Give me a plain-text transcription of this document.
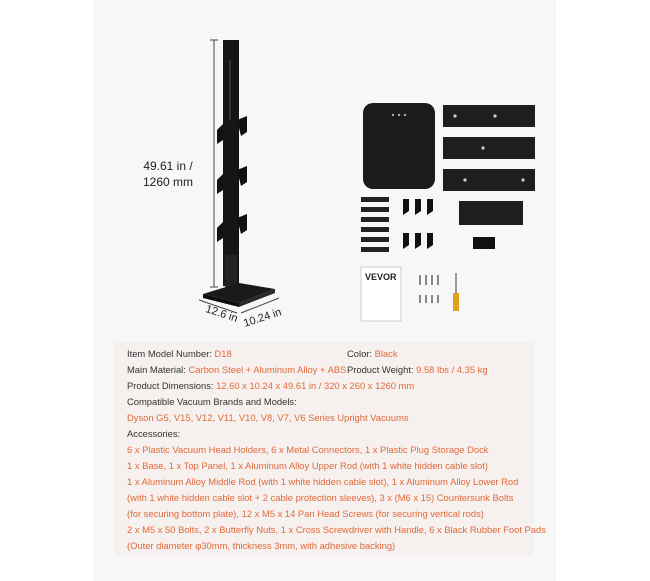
49.61 in /
1260 mm
12.6 in 10.24 in
VEVOR
Item Model Number: D18	Color: Black
Main Material: Carbon Steel + Aluminum Alloy + ABS Product Weight: 9.58 lbs / 4.35 kg
Product Dimensions: 12.60 x 10.24 x 49.61 in / 320 x 260 x 1260 mm
Compatible Vacuum Brands and Models:
Dyson G5, V15, V12, V11, V10, V8, V7, V6 Series Upright Vacuums
Accessories:
6 x Plastic Vacuum Head Holders, 6 x Metal Connectors, 1 x Plastic Plug Storage Dock
1 x Base, 1 x Top Panel, 1 x Aluminum Alloy Upper Rod (with 1 white hidden cable slot)
1 x Aluminum Alloy Middle Rod (with 1 white hidden cable slot), 1 x Aluminum Alloy Lower Rod
(with 1 white hidden cable slot + 2 cable protection sleeves), 3 x (M6 x 15) Countersunk Bolts
(for securing bottom plate), 12 x M5 x 14 Pan Head Screws (for securing vertical rods)
2 x M5 x 50 Bolts, 2 x Butterfly Nuts, 1 x Cross Screwdriver with Handle, 6 x Black Rubber Foot Pads
(Outer diameter φ30mm, thickness 3mm, with adhesive backing)
